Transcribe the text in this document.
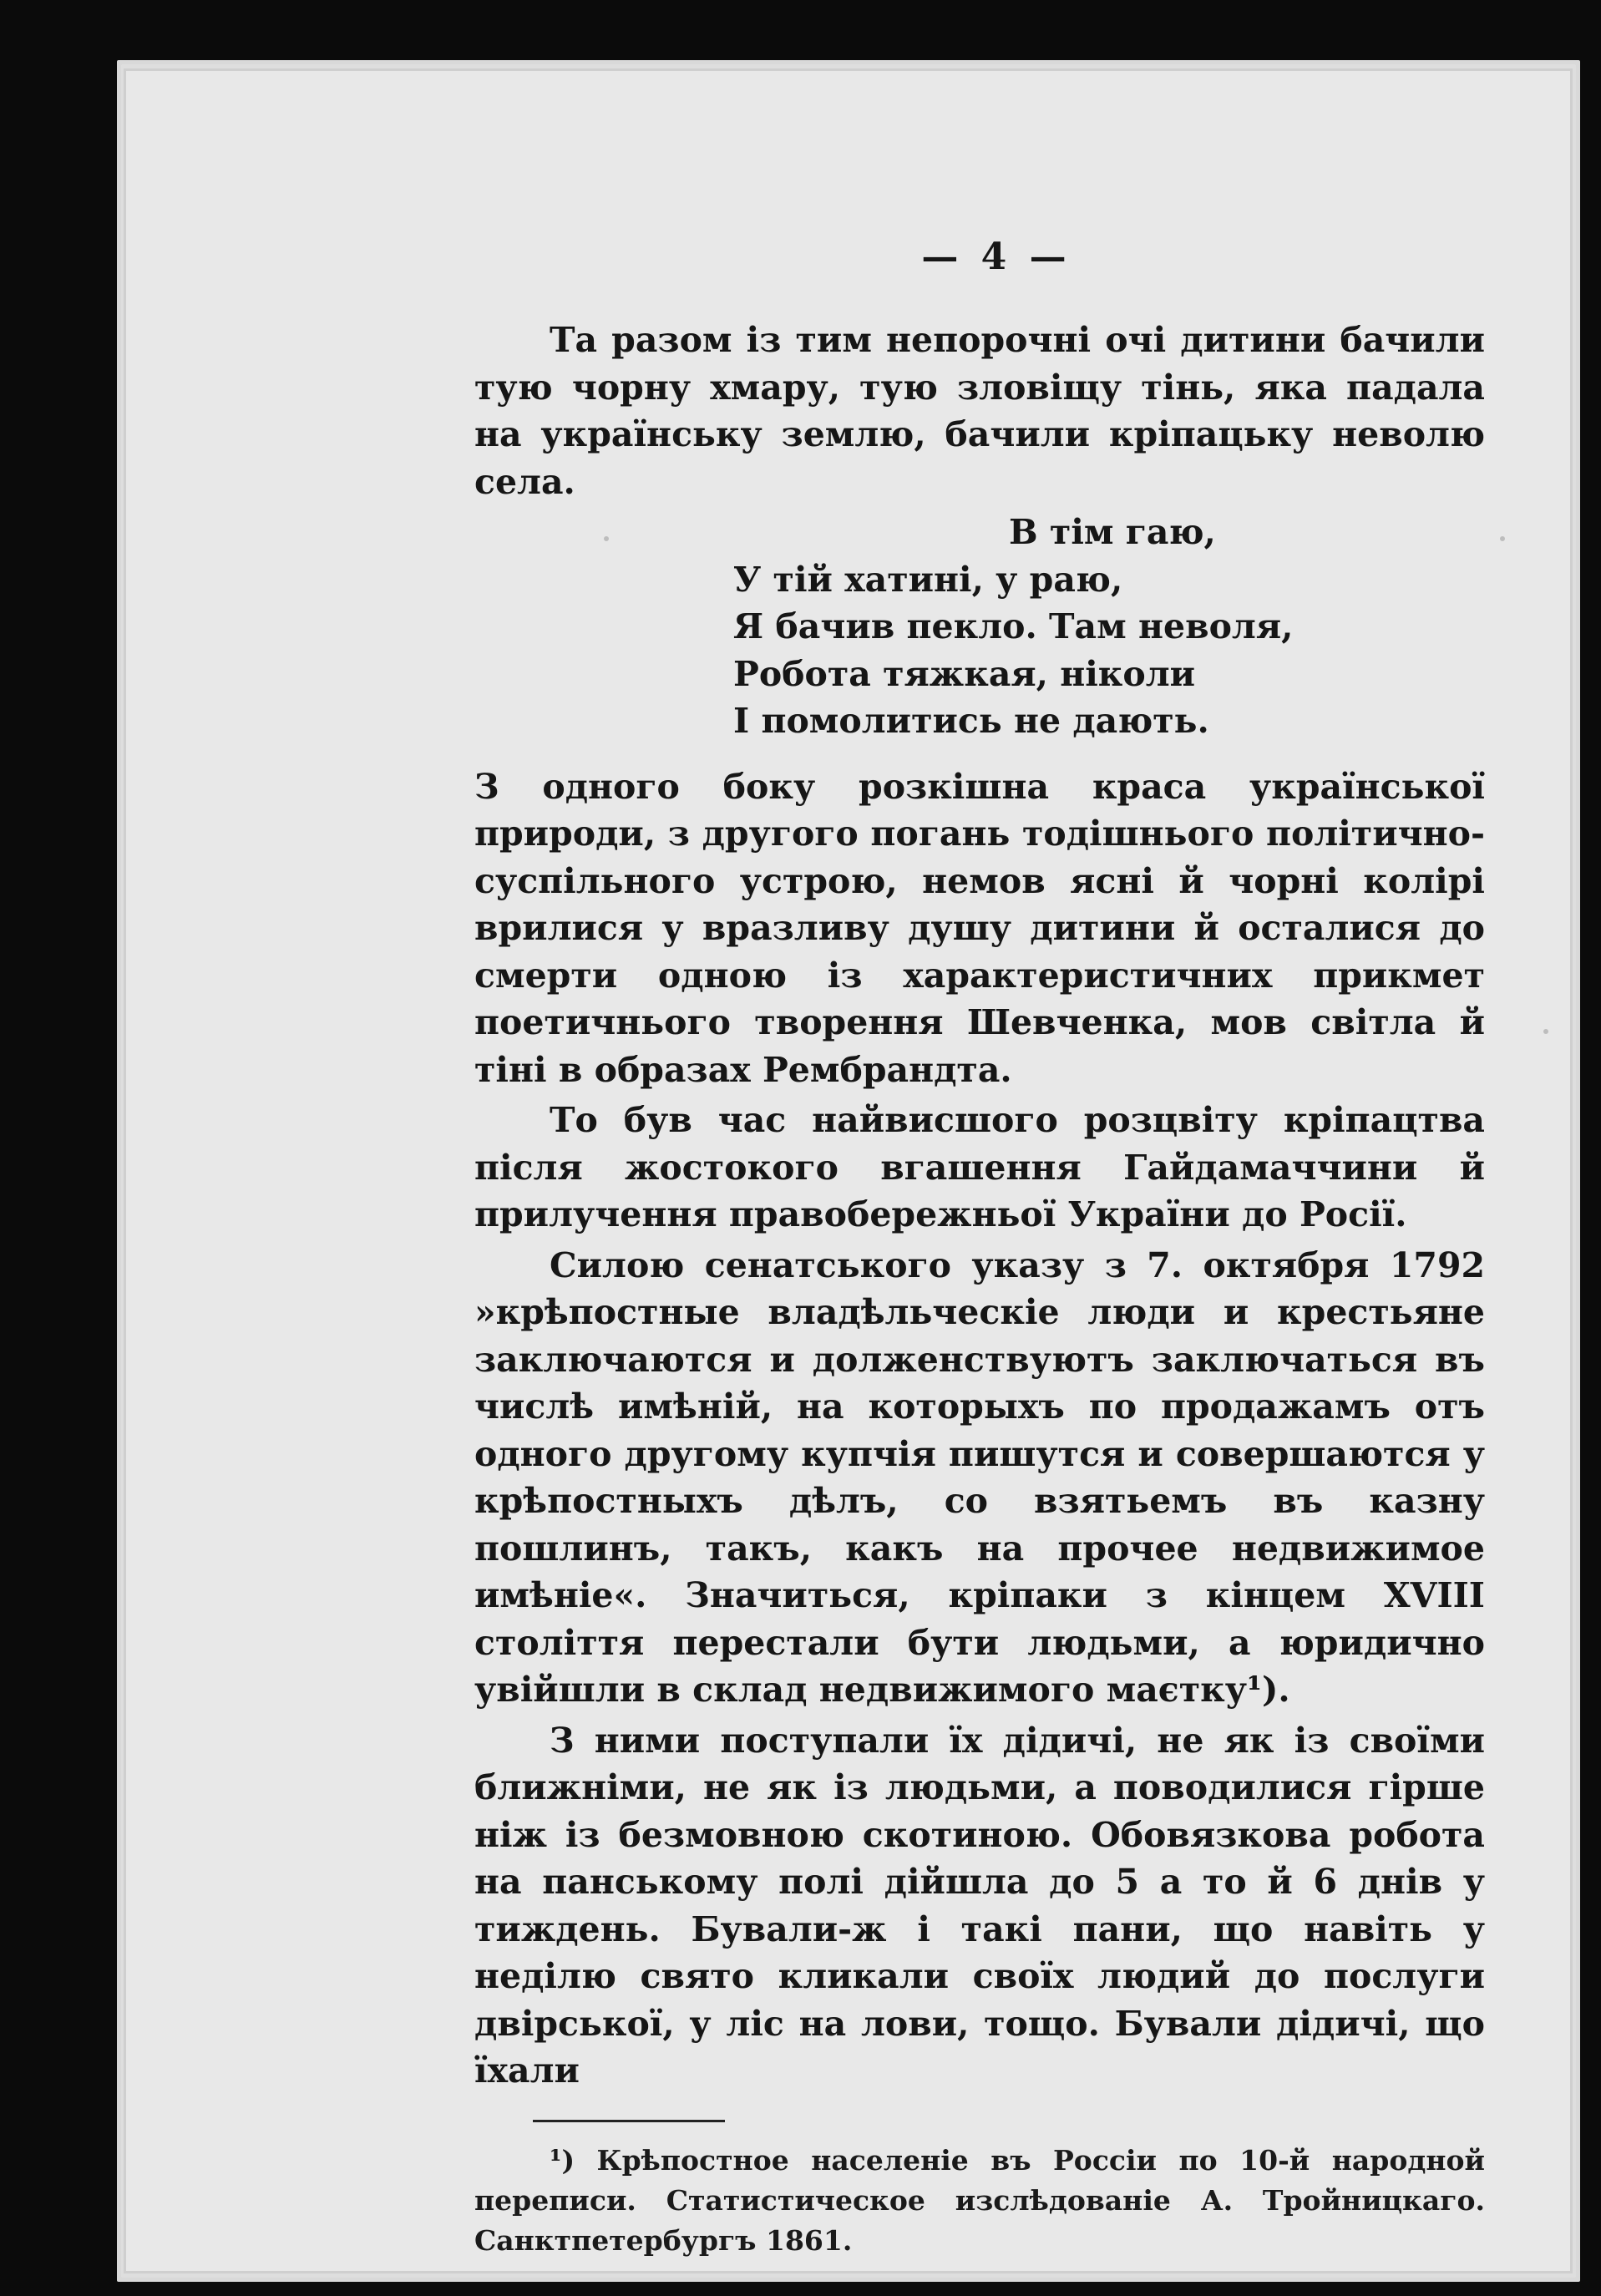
— 4 —

Та разом із тим непорочні очі дитини бачили тую чорну хмару, тую зловіщу тінь, яка падала на українську землю, бачили кріпацьку неволю села.

В тім гаю,
У тій хатині, у раю,
Я бачив пекло. Там неволя,
Робота тяжкая, ніколи
І помолитись не дають.

З одного боку розкішна краса української природи, з другого погань тодішнього політично-суспільного устрою, немов ясні й чорні колірі врилися у вразливу душу дитини й осталися до смерти одною із характеристичних прикмет поетичнього творення Шевченка, мов світла й тіні в образах Рембрандта.

То був час найвисшого розцвіту кріпацтва після жостокого вгашення Гайдамаччини й прилучення правобережньої України до Росії.

Силою сенатського указу з 7. октября 1792 »крѣпостные владѣльческіе люди и крестьяне заключаются и долженствуютъ заключаться въ числѣ имѣній, на которыхъ по продажамъ отъ одного другому купчія пишутся и совершаются у крѣпостныхъ дѣлъ, со взятьемъ въ казну пошлинъ, такъ, какъ на прочее недвижимое имѣніе«. Значиться, кріпаки з кінцем XVIII століття перестали бути людьми, а юридично увійшли в склад недвижимого маєтку¹).

З ними поступали їх дідичі, не як із своїми ближніми, не як із людьми, а поводилися гірше ніж із безмовною скотиною. Обовязкова робота на панському полі дійшла до 5 а то й 6 днів у тиждень. Бували-ж і такі пани, що навіть у неділю свято кликали своїх людий до послуги двірської, у ліс на лови, тощо. Бували дідичі, що їхали

¹) Крѣпостное населеніе въ Россіи по 10-й народной переписи. Статистическое изслѣдованіе А. Тройницкаго. Санктпетербургъ 1861.
